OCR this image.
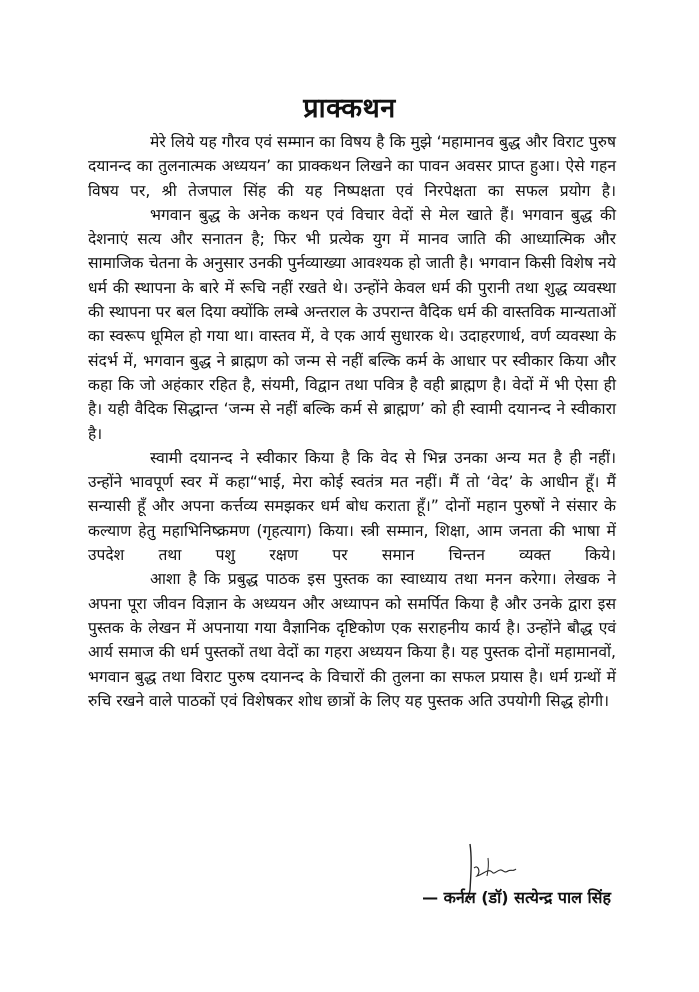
प्राक्कथन

मेरे लिये यह गौरव एवं सम्मान का विषय है कि मुझे ‘महामानव बुद्ध और विराट पुरुष दयानन्द का तुलनात्मक अध्ययन’ का प्राक्कथन लिखने का पावन अवसर प्राप्त हुआ। ऐसे गहन विषय पर, श्री तेजपाल सिंह की यह निष्पक्षता एवं निरपेक्षता का सफल प्रयोग है।

भगवान बुद्ध के अनेक कथन एवं विचार वेदों से मेल खाते हैं। भगवान बुद्ध की देशनाएं सत्य और सनातन है; फिर भी प्रत्येक युग में मानव जाति की आध्यात्मिक और सामाजिक चेतना के अनुसार उनकी पुर्नव्याख्या आवश्यक हो जाती है। भगवान किसी विशेष नये धर्म की स्थापना के बारे में रूचि नहीं रखते थे। उन्होंने केवल धर्म की पुरानी तथा शुद्ध व्यवस्था की स्थापना पर बल दिया क्योंकि लम्बे अन्तराल के उपरान्त वैदिक धर्म की वास्तविक मान्यताओं का स्वरूप धूमिल हो गया था। वास्तव में, वे एक आर्य सुधारक थे। उदाहरणार्थ, वर्ण व्यवस्था के संदर्भ में, भगवान बुद्ध ने ब्राह्मण को जन्म से नहीं बल्कि कर्म के आधार पर स्वीकार किया और कहा कि जो अहंकार रहित है, संयमी, विद्वान तथा पवित्र है वही ब्राह्मण है। वेदों में भी ऐसा ही है। यही वैदिक सिद्धान्त ‘जन्म से नहीं बल्कि कर्म से ब्राह्मण’ को ही स्वामी दयानन्द ने स्वीकारा है।

स्वामी दयानन्द ने स्वीकार किया है कि वेद से भिन्न उनका अन्य मत है ही नहीं। उन्होंने भावपूर्ण स्वर में कहा“भाई, मेरा कोई स्वतंत्र मत नहीं। मैं तो ‘वेद’ के आधीन हूँ। मैं सन्यासी हूँ और अपना कर्त्तव्य समझकर धर्म बोध कराता हूँ।” दोनों महान पुरुषों ने संसार के कल्याण हेतु महाभिनिष्क्रमण (गृहत्याग) किया। स्त्री सम्मान, शिक्षा, आम जनता की भाषा में उपदेश तथा पशु रक्षण पर समान चिन्तन व्यक्त किये।

आशा है कि प्रबुद्ध पाठक इस पुस्तक का स्वाध्याय तथा मनन करेगा। लेखक ने अपना पूरा जीवन विज्ञान के अध्ययन और अध्यापन को समर्पित किया है और उनके द्वारा इस पुस्तक के लेखन में अपनाया गया वैज्ञानिक दृष्टिकोण एक सराहनीय कार्य है। उन्होंने बौद्ध एवं आर्य समाज की धर्म पुस्तकों तथा वेदों का गहरा अध्ययन किया है। यह पुस्तक दोनों महामानवों, भगवान बुद्ध तथा विराट पुरुष दयानन्द के विचारों की तुलना का सफल प्रयास है। धर्म ग्रन्थों में रुचि रखने वाले पाठकों एवं विशेषकर शोध छात्रों के लिए यह पुस्तक अति उपयोगी सिद्ध होगी।

— कर्नल (डॉ) सत्येन्द्र पाल सिंह
